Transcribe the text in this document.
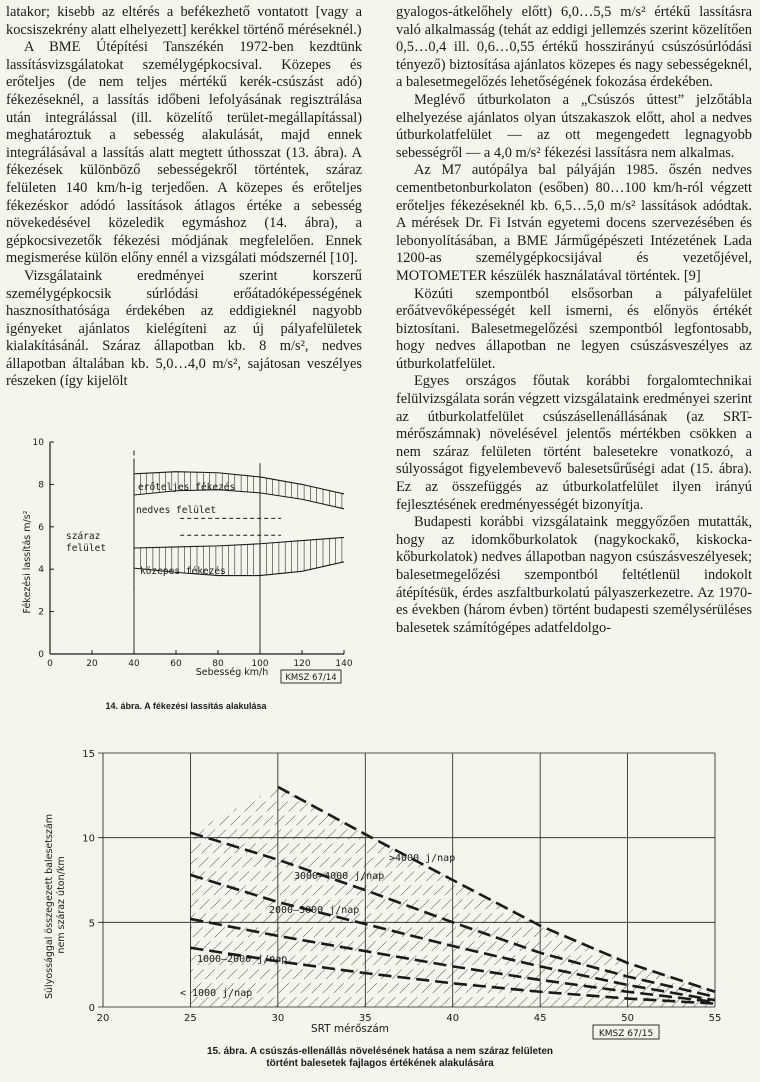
latakor; kisebb az eltérés a befékezhető vontatott [vagy a kocsiszekrény alatt elhelyezett] kerékkel történő méréseknél.)

A BME Útépítési Tanszékén 1972-ben kezdtünk lassításvizsgálatokat személygépkocsival. Közepes és erőteljes (de nem teljes mértékű kerék-csúszást adó) fékezéseknél, a lassítás időbeni lefolyásának regisztrálása után integrálással (ill. közelítő terület-megállapítással) meghatároztuk a sebesség alakulását, majd ennek integrálásával a lassítás alatt megtett úthosszat (13. ábra). A fékezések különböző sebességekről történtek, száraz felületen 140 km/h-ig terjedően. A közepes és erőteljes fékezéskor adódó lassítások átlagos értéke a sebesség növekedésével közeledik egymáshoz (14. ábra), a gépkocsivezetők fékezési módjának megfelelően. Ennek megismerése külön előny ennél a vizsgálati módszernél [10].

Vizsgálataink eredményei szerint korszerű személygépkocsik súrlódási erőátadóképességének hasznosíthatósága érdekében az eddigieknél nagyobb igényeket ajánlatos kielégíteni az új pályafelületek kialakításánál. Száraz állapotban kb. 8 m/s², nedves állapotban általában kb. 5,0…4,0 m/s², sajátosan veszélyes részeken (így kijelölt

gyalogos-átkelőhely előtt) 6,0…5,5 m/s² értékű lassításra való alkalmasság (tehát az eddigi jellemzés szerint közelítően 0,5…0,4 ill. 0,6…0,55 értékű hosszirányú csúszósúrlódási tényező) biztosítása ajánlatos közepes és nagy sebességeknél, a balesetmegelőzés lehetőségének fokozása érdekében.

Meglévő útburkolaton a „Csúszós úttest” jelzőtábla elhelyezése ajánlatos olyan útszakaszok előtt, ahol a nedves útburkolatfelület — az ott megengedett legnagyobb sebességről — a 4,0 m/s² fékezési lassításra nem alkalmas.

Az M7 autópálya bal pályáján 1985. őszén nedves cementbetonburkolaton (esőben) 80…100 km/h-ról végzett erőteljes fékezéseknél kb. 6,5…5,0 m/s² lassítások adódtak. A mérések Dr. Fi István egyetemi docens szervezésében és lebonyolításában, a BME Járműgépészeti Intézetének Lada 1200-as személygépkocsijával és vezetőjével, MOTOMETER készülék használatával történtek. [9]

Közúti szempontból elsősorban a pályafelület erőátvevőképességét kell ismerni, és előnyös értékét biztosítani. Balesetmegelőzési szempontból legfontosabb, hogy nedves állapotban ne legyen csúszásveszélyes az útburkolatfelület.

Egyes országos főutak korábbi forgalomtechnikai felülvizsgálata során végzett vizsgálataink eredményei szerint az útburkolatfelület csúszásellenállásának (az SRT-mérőszámnak) növelésével jelentős mértékben csökken a nem száraz felületen történt balesetekre vonatkozó, a súlyosságot figyelembevevő balesetsűrűségi adat (15. ábra). Ez az összefüggés az útburkolatfelület ilyen irányú fejlesztésének eredményességét bizonyítja.

Budapesti korábbi vizsgálataink meggyőzően mutatták, hogy az idomkőburkolatok (nagykockakő, kiskocka-kőburkolatok) nedves állapotban nagyon csúszásveszélyesek; balesetmegelőzési szempontból feltétlenül indokolt átépítésük, érdes aszfaltburkolatú pályaszerkezetre. Az 1970-es években (három évben) történt budapesti személysérüléses balesetek számítógépes adatfeldolgo-

0	20	40	60	80	100	120	140
0
2
4
6
8
10
Fékezési lassítás m/s²
Sebesség km/h
erőteljes fékezés
nedves felület
közepes fékezés
száraz felület
KMSZ 67/14
14. ábra. A fékezési lassítás alakulása
20	25	30	35	40	45	50	55
0
5
10
15
SRT mérőszám
Súlyossággal összegezett balesetszám nem száraz úton/km	>4000 j/nap
3000–4000 j/nap
2000–3000 j/nap
1000–2000 j/nap
< 1000 j/nap
KMSZ 67/15
15. ábra. A csúszás-ellenállás növelésének hatása a nem száraz felületen
történt balesetek fajlagos értékének alakulására
